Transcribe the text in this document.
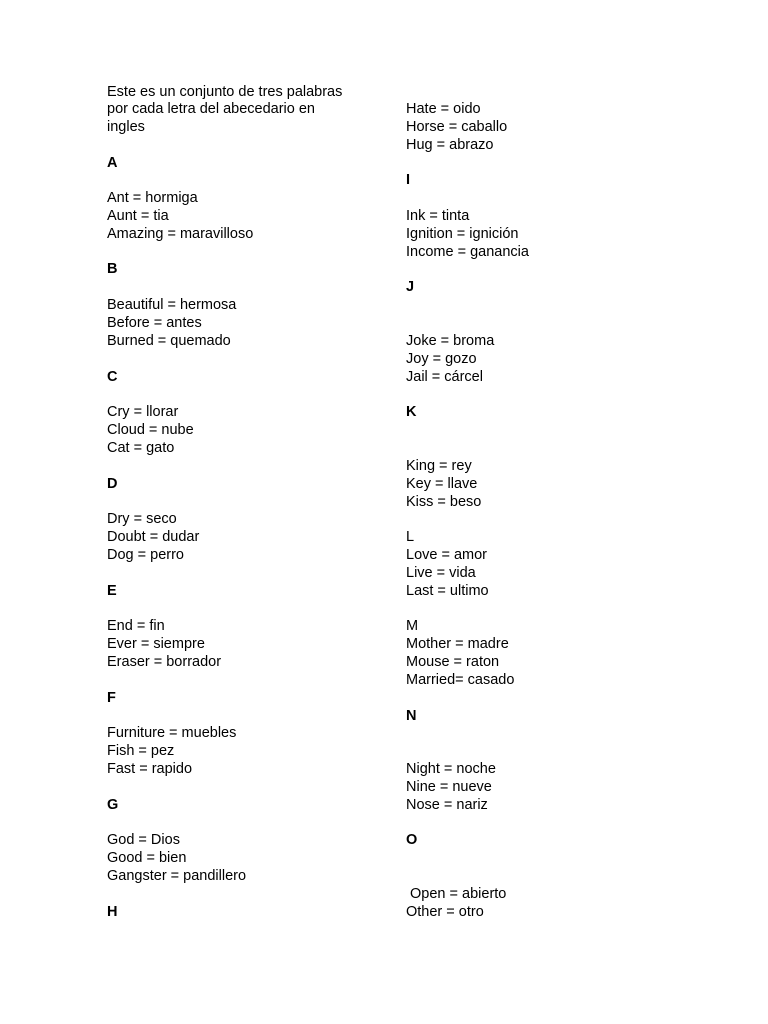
Este es un conjunto de tres palabras
por cada letra del abecedario en
ingles
A
Ant = hormiga
Aunt = tia
Amazing = maravilloso
B
Beautiful = hermosa
Before = antes
Burned = quemado
C
Cry = llorar
Cloud = nube
Cat = gato
D
Dry = seco
Doubt = dudar
Dog = perro
E
End = fin
Ever = siempre
Eraser = borrador
F
Furniture = muebles
Fish = pez
Fast = rapido
G
God = Dios
Good = bien
Gangster = pandillero
H
Hate = oido
Horse = caballo
Hug = abrazo
I
Ink = tinta
Ignition = ignición
Income = ganancia
J
Joke = broma
Joy = gozo
Jail = cárcel
K
King = rey
Key = llave
Kiss = beso
L
Love = amor
Live = vida
Last = ultimo
M
Mother = madre
Mouse = raton
Married= casado
N
Night = noche
Nine = nueve
Nose = nariz
O
Open = abierto
Other = otro
